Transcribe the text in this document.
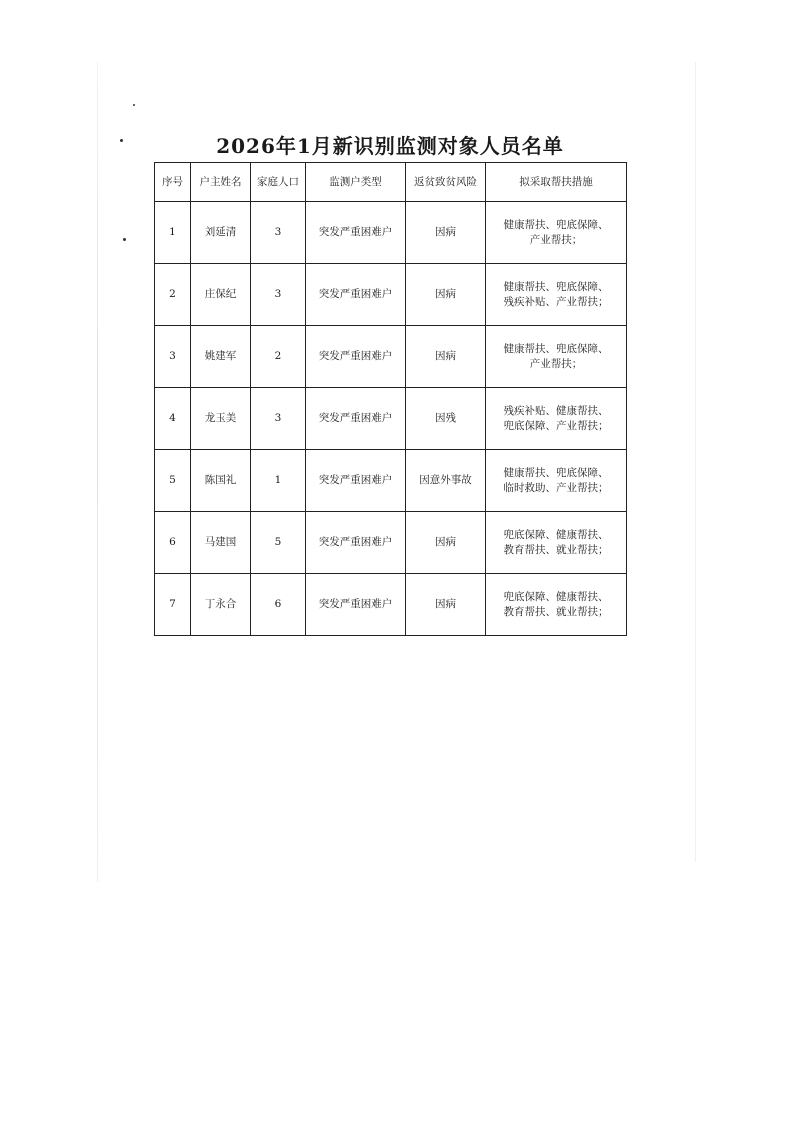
2026年1月新识别监测对象人员名单
序号	户主姓名	家庭人口	监测户类型	返贫致贫风险	拟采取帮扶措施
1	刘延清	3	突发严重困难户	因病	健康帮扶、兜底保障、
产业帮扶；

2	庄保纪	3	突发严重困难户	因病	健康帮扶、兜底保障、
残疾补贴、产业帮扶；

3	姚建军	2	突发严重困难户	因病	健康帮扶、兜底保障、
产业帮扶；

4	龙玉美	3	突发严重困难户	因残	残疾补贴、健康帮扶、
兜底保障、产业帮扶；

5	陈国礼	1	突发严重困难户	因意外事故	健康帮扶、兜底保障、
临时救助、产业帮扶；

6	马建国	5	突发严重困难户	因病	兜底保障、健康帮扶、
教育帮扶、就业帮扶；

7	丁永合	6	突发严重困难户	因病	兜底保障、健康帮扶、
教育帮扶、就业帮扶；
